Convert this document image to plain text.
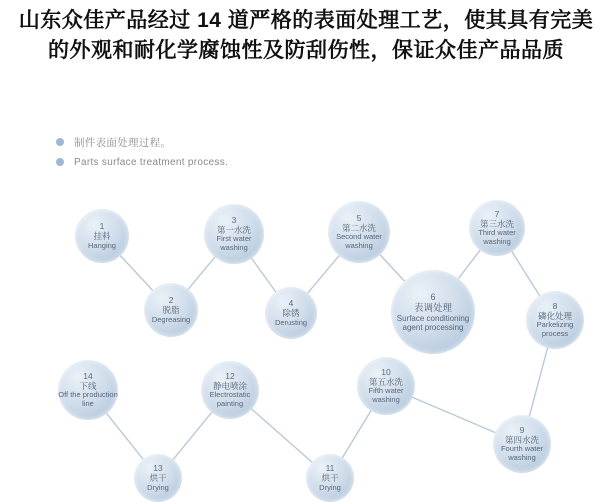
山东众佳产品经过 14 道严格的表面处理工艺，使其具有完美的外观和耐化学腐蚀性及防刮伤性，保证众佳产品品质
制件表面处理过程。
Parts surface treatment process.
1
挂料
Hanging
2
脱脂
Degreasing
3
第一水洗
First water washing
4
除锈
Derusting
5
第二水洗
Second water washing
6
表调处理
Surface conditioning agent processing
7
第三水洗
Third water washing
8
磷化处理
Parkelizing process
9
第四水洗
Fourth water washing
10
第五水洗
Fifth water washing
11
烘干
Drying
12
静电喷涂
Electrostatic painting
13
烘干
Drying
14
下线
Off the production line
